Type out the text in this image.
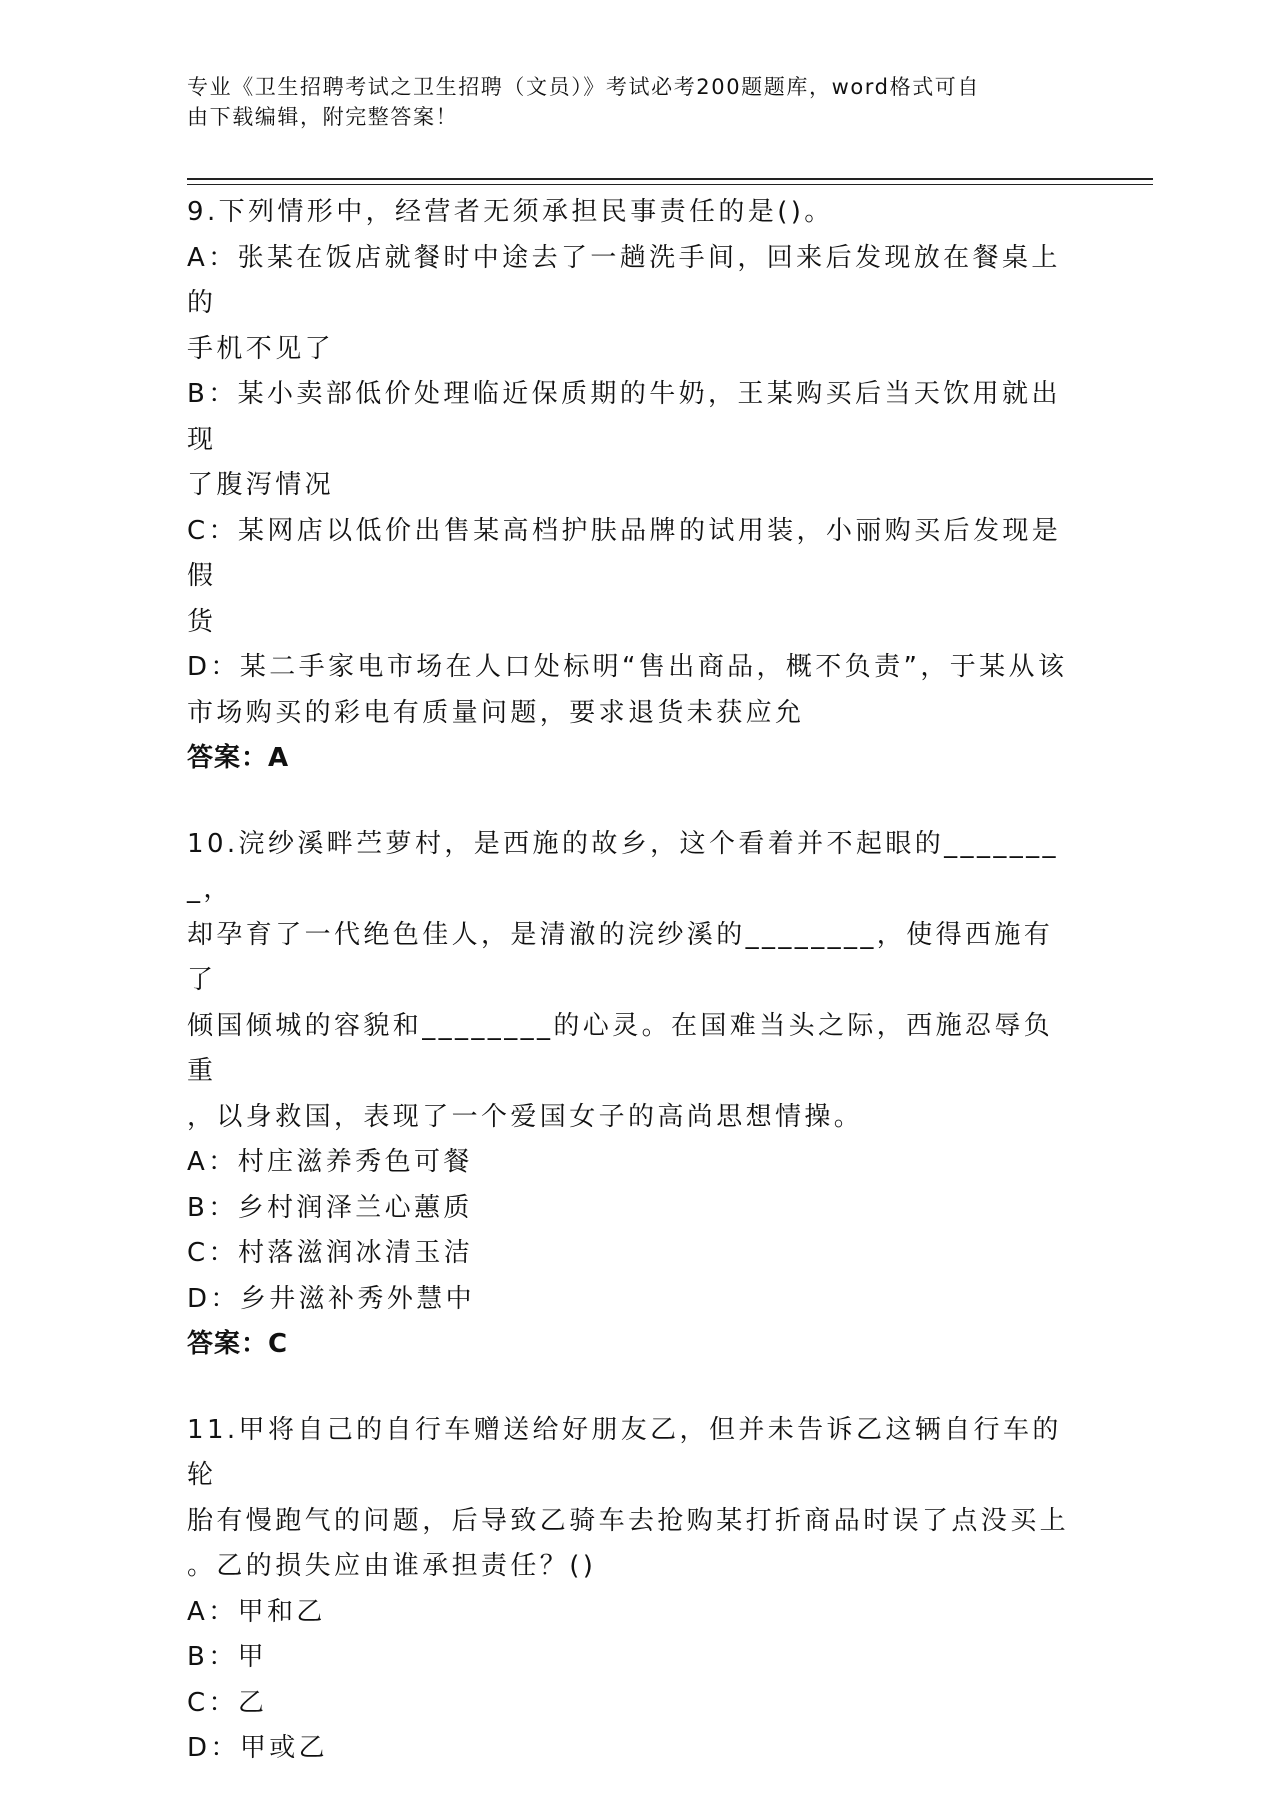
专业《卫生招聘考试之卫生招聘（文员）》考试必考200题题库，word格式可自
由下载编辑，附完整答案！
9.下列情形中，经营者无须承担民事责任的是()。
A：张某在饭店就餐时中途去了一趟洗手间，回来后发现放在餐桌上的
手机不见了
B：某小卖部低价处理临近保质期的牛奶，王某购买后当天饮用就出现
了腹泻情况
C：某网店以低价出售某高档护肤品牌的试用装，小丽购买后发现是假
货
D：某二手家电市场在人口处标明“售出商品，概不负责”，于某从该
市场购买的彩电有质量问题，要求退货未获应允
答案：A
10.浣纱溪畔苎萝村，是西施的故乡，这个看着并不起眼的________，
却孕育了一代绝色佳人，是清澈的浣纱溪的________，使得西施有了
倾国倾城的容貌和________的心灵。在国难当头之际，西施忍辱负重
，以身救国，表现了一个爱国女子的高尚思想情操。
A：村庄滋养秀色可餐
B：乡村润泽兰心蕙质
C：村落滋润冰清玉洁
D：乡井滋补秀外慧中
答案：C
11.甲将自己的自行车赠送给好朋友乙，但并未告诉乙这辆自行车的轮
胎有慢跑气的问题，后导致乙骑车去抢购某打折商品时误了点没买上
。乙的损失应由谁承担责任？()
A：甲和乙
B：甲
C：乙
D：甲或乙
